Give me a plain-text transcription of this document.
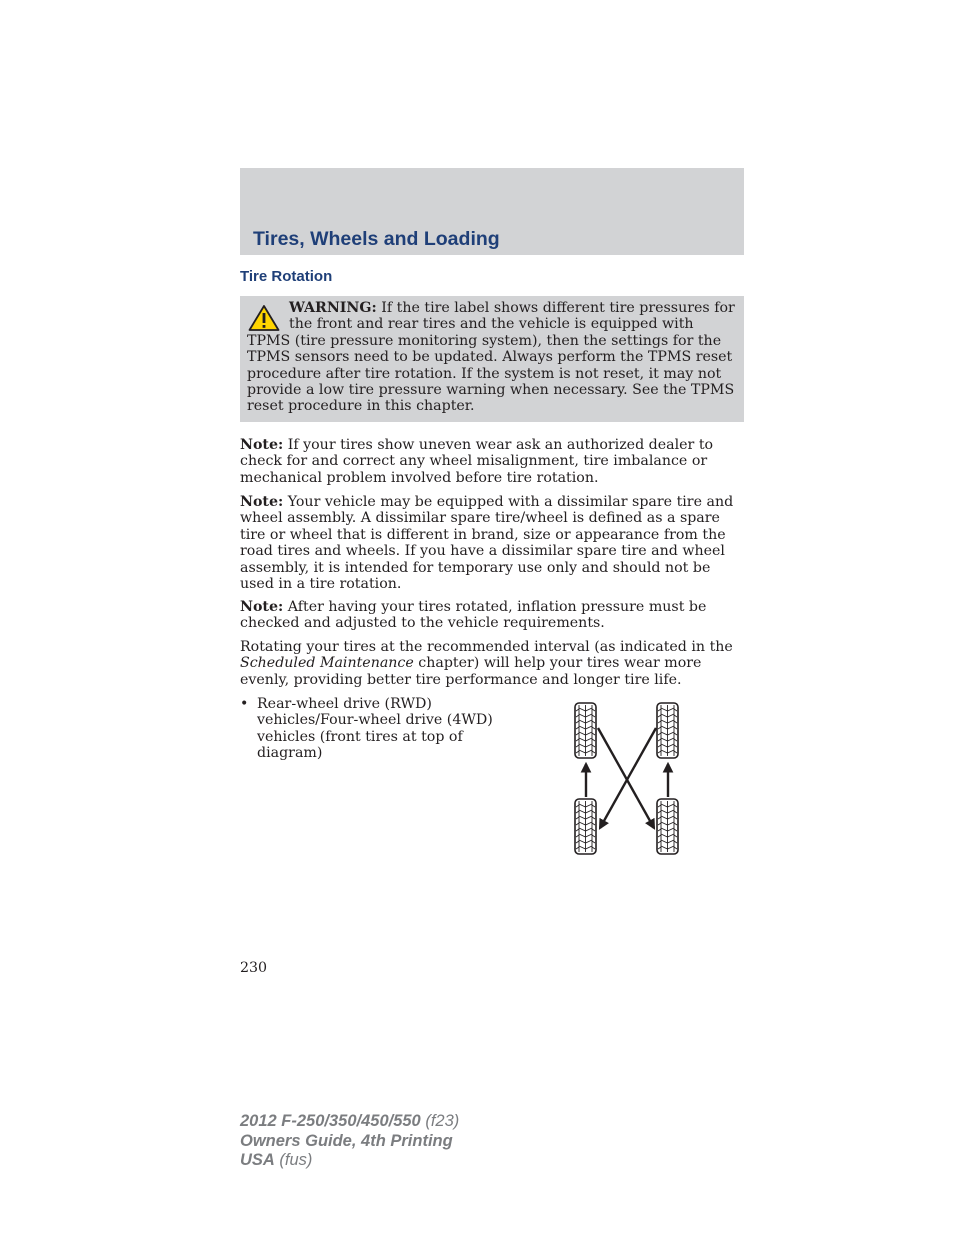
Tires, Wheels and Loading
Tire Rotation

WARNING: If the tire label shows different tire pressures for the front and rear tires and the vehicle is equipped with TPMS (tire pressure monitoring system), then the settings for the TPMS sensors need to be updated. Always perform the TPMS reset procedure after tire rotation. If the system is not reset, it may not provide a low tire pressure warning when necessary. See the TPMS reset procedure in this chapter.

Note: If your tires show uneven wear ask an authorized dealer to check for and correct any wheel misalignment, tire imbalance or mechanical problem involved before tire rotation.

Note: Your vehicle may be equipped with a dissimilar spare tire and wheel assembly. A dissimilar spare tire/wheel is defined as a spare tire or wheel that is different in brand, size or appearance from the road tires and wheels. If you have a dissimilar spare tire and wheel assembly, it is intended for temporary use only and should not be used in a tire rotation.

Note: After having your tires rotated, inflation pressure must be checked and adjusted to the vehicle requirements.

Rotating your tires at the recommended interval (as indicated in the Scheduled Maintenance chapter) will help your tires wear more evenly, providing better tire performance and longer tire life.

• Rear-wheel drive (RWD) vehicles/Four-wheel drive (4WD) vehicles (front tires at top of diagram)

230

2012 F-250/350/450/550 (f23)
Owners Guide, 4th Printing
USA (fus)
